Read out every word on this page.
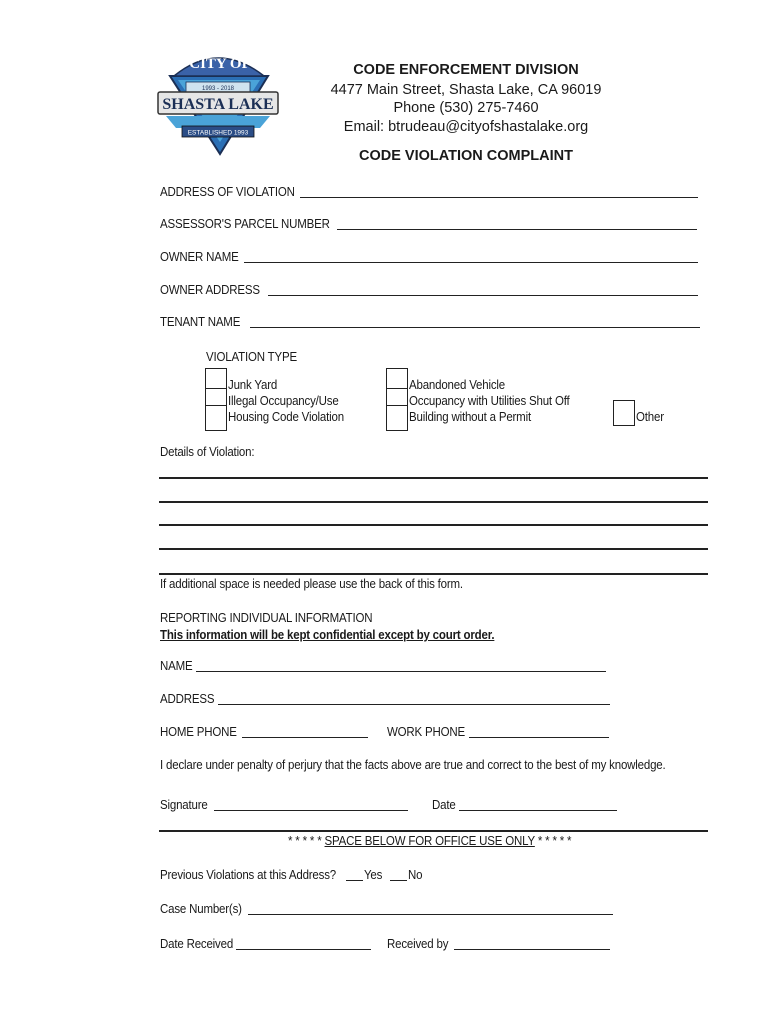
CITY OF
1993 - 2018
SHASTA LAKE
ESTABLISHED 1993
CODE ENFORCEMENT DIVISION
4477 Main Street, Shasta Lake, CA 96019
Phone (530) 275-7460
Email: btrudeau@cityofshastalake.org
CODE VIOLATION COMPLAINT
ADDRESS OF VIOLATION
ASSESSOR'S PARCEL NUMBER
OWNER NAME
OWNER ADDRESS
TENANT NAME
VIOLATION TYPE
Junk Yard
Illegal Occupancy/Use
Housing Code Violation
Abandoned Vehicle
Occupancy with Utilities Shut Off
Building without a Permit	Other
Details of Violation:
If additional space is needed please use the back of this form.
REPORTING INDIVIDUAL INFORMATION
This information will be kept confidential except by court order.
NAME
ADDRESS
HOME PHONE	WORK PHONE
I declare under penalty of perjury that the facts above are true and correct to the best of my knowledge.
Signature	Date
* * * * * SPACE BELOW FOR OFFICE USE ONLY * * * * *
Previous Violations at this Address? Yes No
Case Number(s)
Date Received	Received by
